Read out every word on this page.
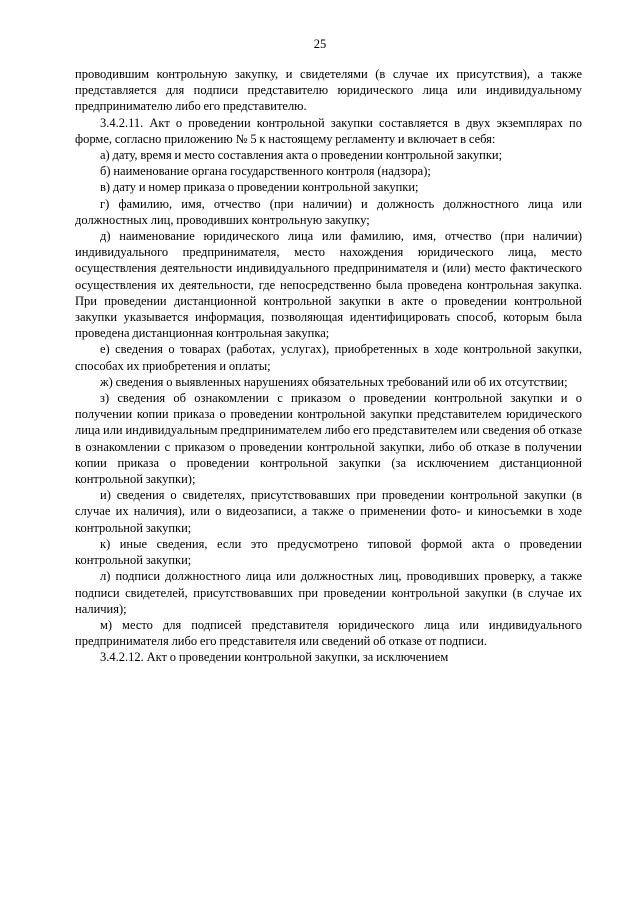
25

проводившим контрольную закупку, и свидетелями (в случае их присутствия), а также представляется для подписи представителю юридического лица или индивидуальному предпринимателю либо его представителю.

3.4.2.11. Акт о проведении контрольной закупки составляется в двух экземплярах по форме, согласно приложению № 5 к настоящему регламенту и включает в себя:

а) дату, время и место составления акта о проведении контрольной закупки;

б) наименование органа государственного контроля (надзора);

в) дату и номер приказа о проведении контрольной закупки;

г) фамилию, имя, отчество (при наличии) и должность должностного лица или должностных лиц, проводивших контрольную закупку;

д) наименование юридического лица или фамилию, имя, отчество (при наличии) индивидуального предпринимателя, место нахождения юридического лица, место осуществления деятельности индивидуального предпринимателя и (или) место фактического осуществления их деятельности, где непосредственно была проведена контрольная закупка. При проведении дистанционной контрольной закупки в акте о проведении контрольной закупки указывается информация, позволяющая идентифицировать способ, которым была проведена дистанционная контрольная закупка;

е) сведения о товарах (работах, услугах), приобретенных в ходе контрольной закупки, способах их приобретения и оплаты;

ж) сведения о выявленных нарушениях обязательных требований или об их отсутствии;

з) сведения об ознакомлении с приказом о проведении контрольной закупки и о получении копии приказа о проведении контрольной закупки представителем юридического лица или индивидуальным предпринимателем либо его представителем или сведения об отказе в ознакомлении с приказом о проведении контрольной закупки, либо об отказе в получении копии приказа о проведении контрольной закупки (за исключением дистанционной контрольной закупки);

и) сведения о свидетелях, присутствовавших при проведении контрольной закупки (в случае их наличия), или о видеозаписи, а также о применении фото- и киносъемки в ходе контрольной закупки;

к) иные сведения, если это предусмотрено типовой формой акта о проведении контрольной закупки;

л) подписи должностного лица или должностных лиц, проводивших проверку, а также подписи свидетелей, присутствовавших при проведении контрольной закупки (в случае их наличия);

м) место для подписей представителя юридического лица или индивидуального предпринимателя либо его представителя или сведений об отказе от подписи.

3.4.2.12. Акт о проведении контрольной закупки, за исключением
